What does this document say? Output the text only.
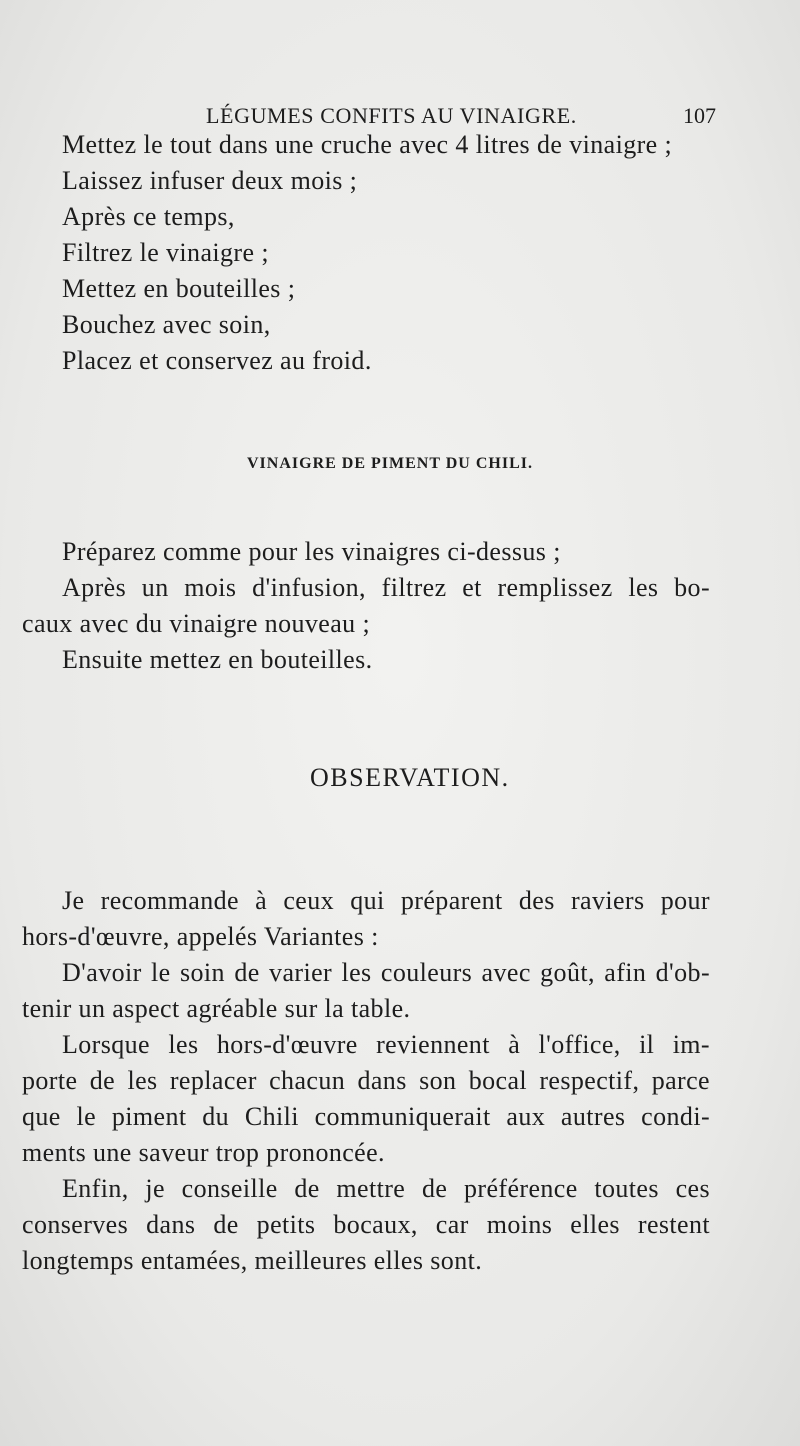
LÉGUMES CONFITS AU VINAIGRE.	107
Mettez le tout dans une cruche avec 4 litres de vinaigre ;
Laissez infuser deux mois ;
Après ce temps,
Filtrez le vinaigre ;
Mettez en bouteilles ;
Bouchez avec soin,
Placez et conservez au froid.
VINAIGRE DE PIMENT DU CHILI.
Préparez comme pour les vinaigres ci-dessus ;
Après un mois d'infusion, filtrez et remplissez les bo-
caux avec du vinaigre nouveau ;
Ensuite mettez en bouteilles.
OBSERVATION.
Je recommande à ceux qui préparent des raviers pour
hors-d'œuvre, appelés Variantes :
D'avoir le soin de varier les couleurs avec goût, afin d'ob-
tenir un aspect agréable sur la table.
Lorsque les hors-d'œuvre reviennent à l'office, il im-
porte de les replacer chacun dans son bocal respectif, parce
que le piment du Chili communiquerait aux autres condi-
ments une saveur trop prononcée.
Enfin, je conseille de mettre de préférence toutes ces
conserves dans de petits bocaux, car moins elles restent
longtemps entamées, meilleures elles sont.
